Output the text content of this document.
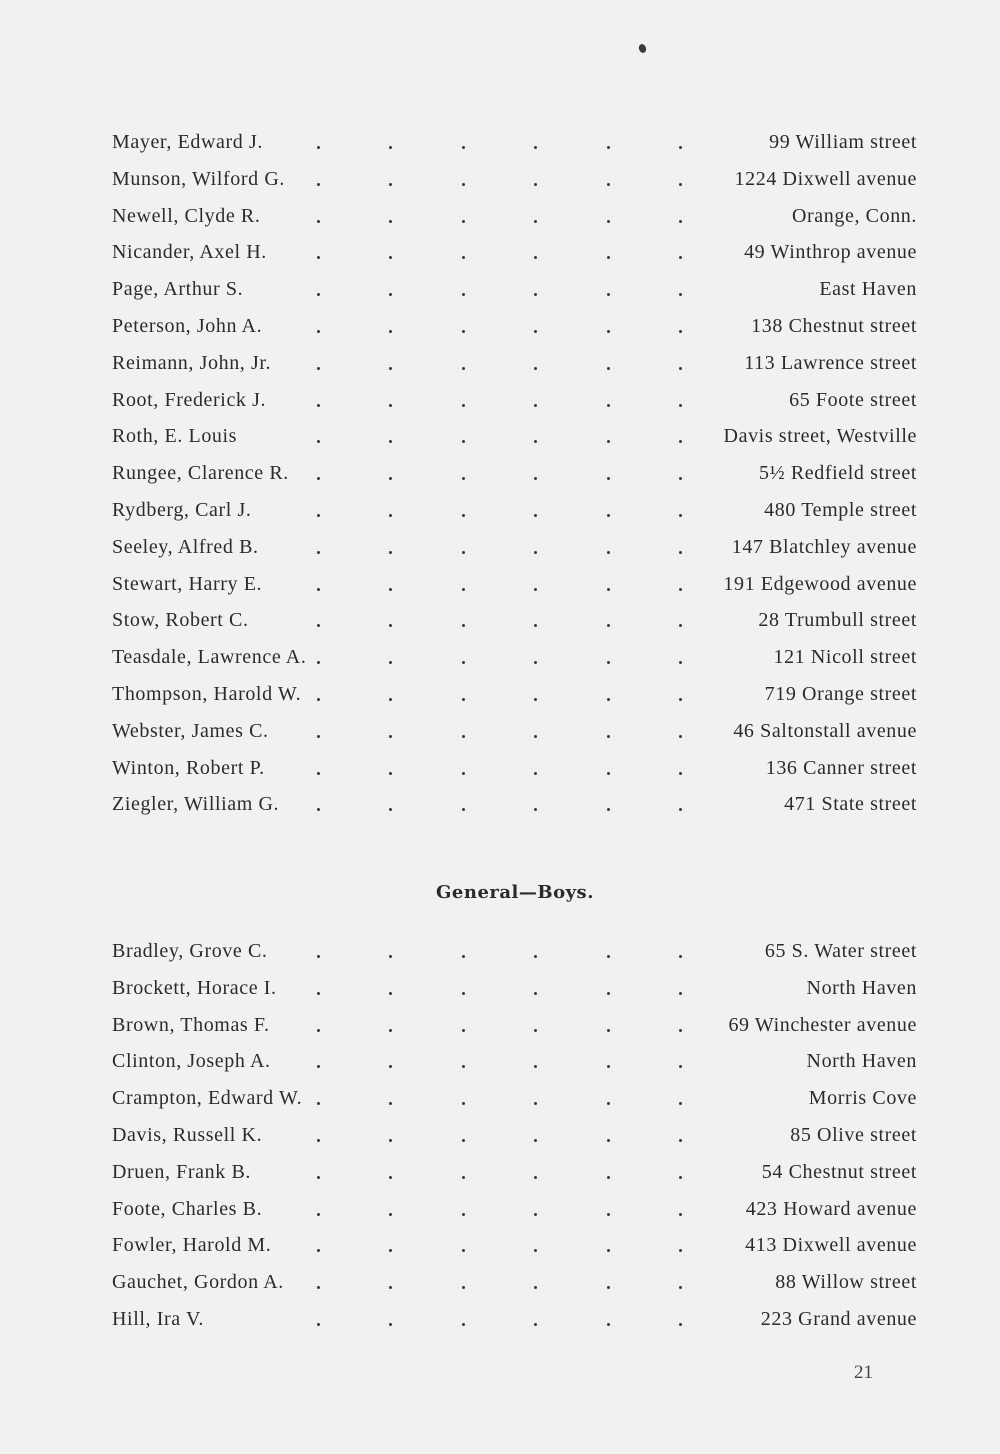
Mayer, Edward J.	99 William street
Munson, Wilford G.	1224 Dixwell avenue
Newell, Clyde R.	Orange, Conn.
Nicander, Axel H.	49 Winthrop avenue
Page, Arthur S.	East Haven
Peterson, John A.	138 Chestnut street
Reimann, John, Jr.	113 Lawrence street
Root, Frederick J.	65 Foote street
Roth, E. Louis	Davis street, Westville
Rungee, Clarence R.	5½ Redfield street
Rydberg, Carl J.	480 Temple street
Seeley, Alfred B.	147 Blatchley avenue
Stewart, Harry E.	191 Edgewood avenue
Stow, Robert C.	28 Trumbull street
Teasdale, Lawrence A.	121 Nicoll street
Thompson, Harold W.	719 Orange street
Webster, James C.	46 Saltonstall avenue
Winton, Robert P.	136 Canner street
Ziegler, William G.	471 State street
General—Boys.
Bradley, Grove C.	65 S. Water street
Brockett, Horace I.	North Haven
Brown, Thomas F.	69 Winchester avenue
Clinton, Joseph A.	North Haven
Crampton, Edward W.	Morris Cove
Davis, Russell K.	85 Olive street
Druen, Frank B.	54 Chestnut street
Foote, Charles B.	423 Howard avenue
Fowler, Harold M.	413 Dixwell avenue
Gauchet, Gordon A.	88 Willow street
Hill, Ira V.	223 Grand avenue
21
